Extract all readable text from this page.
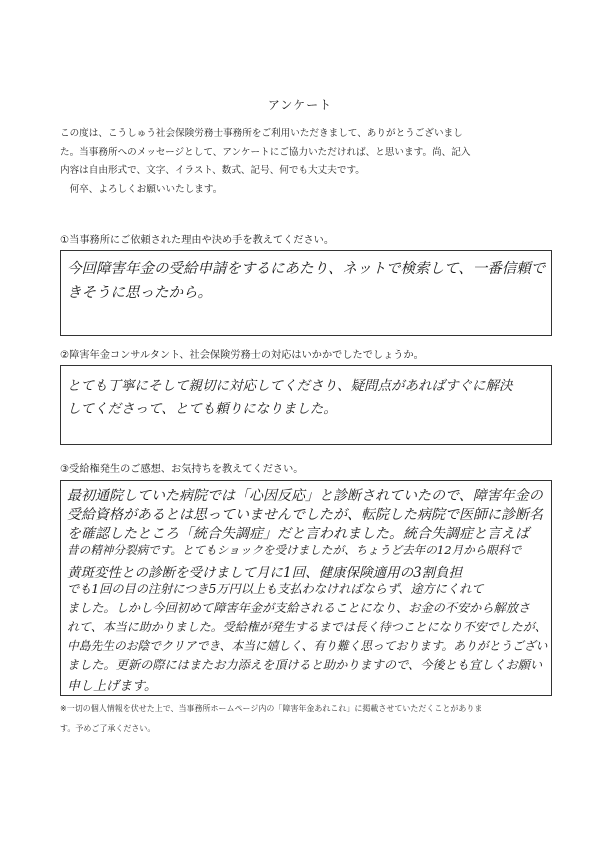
アンケート
この度は、こうしゅう社会保険労務士事務所をご利用いただきまして、ありがとうございまし
た。当事務所へのメッセージとして、アンケートにご協力いただければ、と思います。尚、記入
内容は自由形式で、文字、イラスト、数式、記号、何でも大丈夫です。
　何卒、よろしくお願いいたします。
①当事務所にご依頼された理由や決め手を教えてください。
今回障害年金の受給申請をするにあたり、ネットで検索して、一番信頼で
きそうに思ったから。
②障害年金コンサルタント、社会保険労務士の対応はいかかでしたでしょうか。
とても丁寧にそして親切に対応してくださり、疑問点があればすぐに解決
してくださって、とても頼りになりました。
③受給権発生のご感想、お気持ちを教えてください。
最初通院していた病院では「心因反応」と診断されていたので、障害年金の
受給資格があるとは思っていませんでしたが、転院した病院で医師に診断名
を確認したところ「統合失調症」だと言われました。統合失調症と言えば
昔の精神分裂病です。とてもショックを受けましたが、ちょうど去年の12月から眼科で
黄斑変性との診断を受けまして月に1回、健康保険適用の3割負担
でも1回の目の注射につき5万円以上も支払わなければならず、途方にくれて
ました。しかし今回初めて障害年金が支給されることになり、お金の不安から解放さ
れて、本当に助かりました。受給権が発生するまでは長く待つことになり不安でしたが、
中島先生のお陰でクリアでき、本当に嬉しく、有り難く思っております。ありがとうござい
ました。更新の際にはまたお力添えを頂けると助かりますので、今後とも宜しくお願い
申し上げます。
※一切の個人情報を伏せた上で、当事務所ホームページ内の「障害年金あれこれ」に掲載させていただくことがありま
す。予めご了承ください。
